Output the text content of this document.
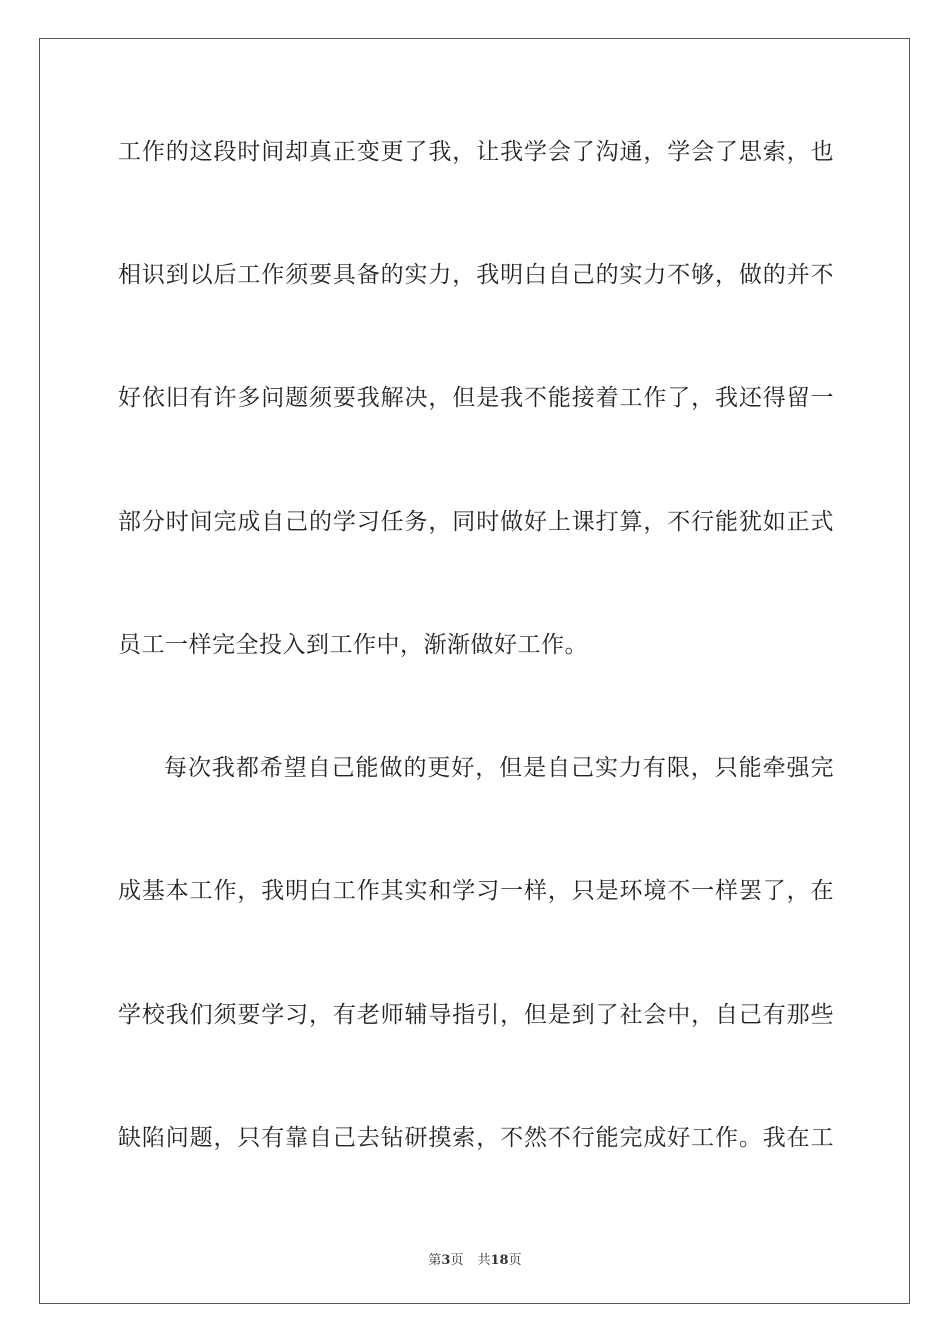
工作的这段时间却真正变更了我，让我学会了沟通，学会了思索，也
相识到以后工作须要具备的实力，我明白自己的实力不够，做的并不
好依旧有许多问题须要我解决，但是我不能接着工作了，我还得留一
部分时间完成自己的学习任务，同时做好上课打算，不行能犹如正式
员工一样完全投入到工作中，渐渐做好工作。
每次我都希望自己能做的更好，但是自己实力有限，只能牵强完
成基本工作，我明白工作其实和学习一样，只是环境不一样罢了，在
学校我们须要学习，有老师辅导指引，但是到了社会中，自己有那些
缺陷问题，只有靠自己去钻研摸索，不然不行能完成好工作。我在工
第3页 共18页
